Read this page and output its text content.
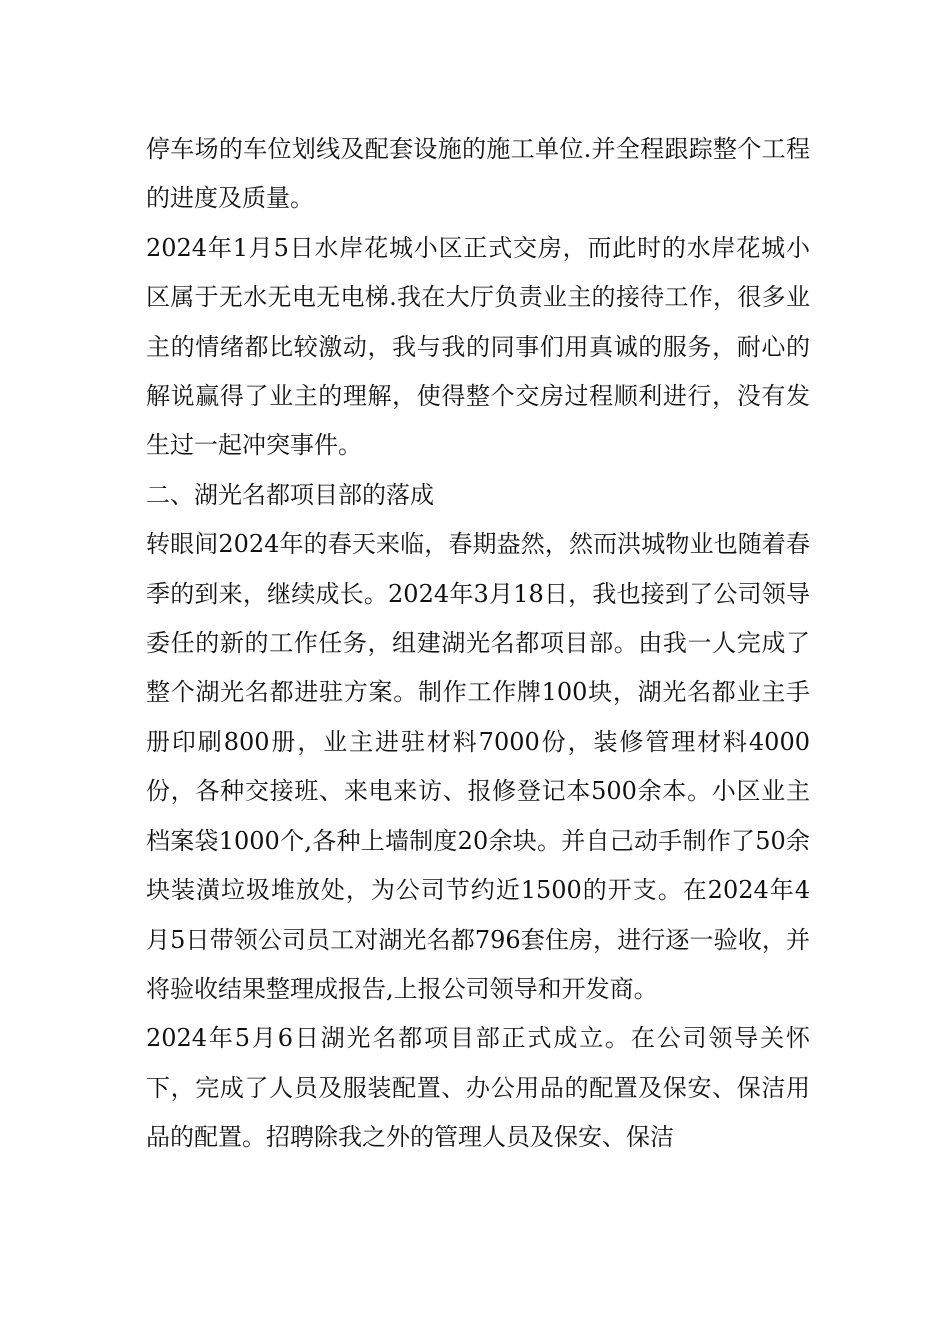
停车场的车位划线及配套设施的施工单位.并全程跟踪整个工程的进度及质量。

2024年1月5日水岸花城小区正式交房，而此时的水岸花城小区属于无水无电无电梯.我在大厅负责业主的接待工作，很多业主的情绪都比较激动，我与我的同事们用真诚的服务，耐心的解说赢得了业主的理解，使得整个交房过程顺利进行，没有发生过一起冲突事件。

二、湖光名都项目部的落成

转眼间2024年的春天来临，春期盎然，然而洪城物业也随着春季的到来，继续成长。2024年3月18日，我也接到了公司领导委任的新的工作任务，组建湖光名都项目部。由我一人完成了整个湖光名都进驻方案。制作工作牌100块，湖光名都业主手册印刷800册，业主进驻材料7000份，装修管理材料4000份，各种交接班、来电来访、报修登记本500余本。小区业主档案袋1000个,各种上墙制度20余块。并自己动手制作了50余块装潢垃圾堆放处，为公司节约近1500的开支。在2024年4月5日带领公司员工对湖光名都796套住房，进行逐一验收，并将验收结果整理成报告,上报公司领导和开发商。

2024年5月6日湖光名都项目部正式成立。在公司领导关怀下，完成了人员及服装配置、办公用品的配置及保安、保洁用品的配置。招聘除我之外的管理人员及保安、保洁
